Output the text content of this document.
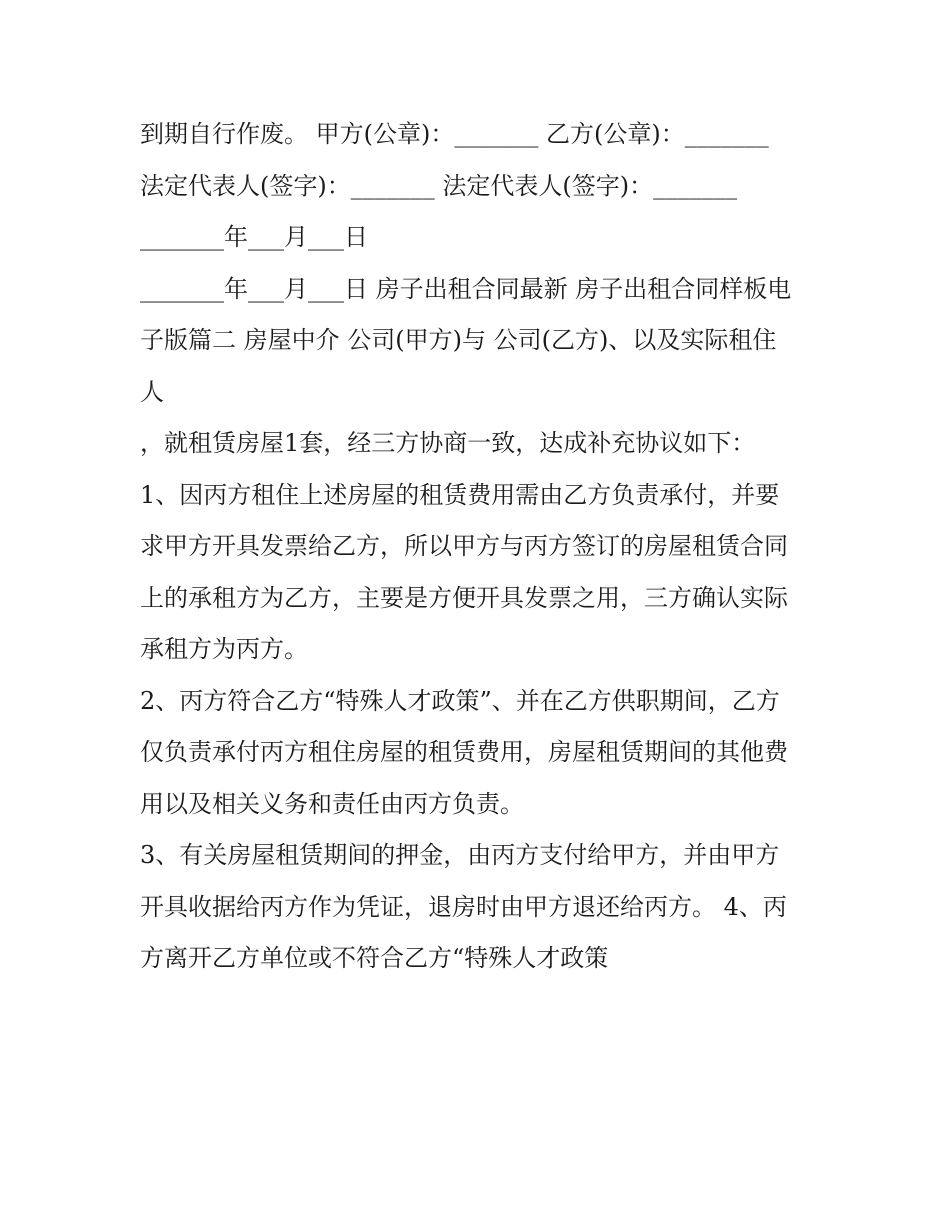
到期自行作废。 甲方(公章)：_______ 乙方(公章)：_______
法定代表人(签字)：_______ 法定代表人(签字)：_______
_______年___月___日
_______年___月___日 房子出租合同最新 房子出租合同样板电
子版篇二 房屋中介 公司(甲方)与 公司(乙方)、以及实际租住
人
，就租赁房屋1套，经三方协商一致，达成补充协议如下：
1、因丙方租住上述房屋的租赁费用需由乙方负责承付，并要
求甲方开具发票给乙方，所以甲方与丙方签订的房屋租赁合同
上的承租方为乙方，主要是方便开具发票之用，三方确认实际
承租方为丙方。
2、丙方符合乙方“特殊人才政策”、并在乙方供职期间，乙方
仅负责承付丙方租住房屋的租赁费用，房屋租赁期间的其他费
用以及相关义务和责任由丙方负责。
3、有关房屋租赁期间的押金，由丙方支付给甲方，并由甲方
开具收据给丙方作为凭证，退房时由甲方退还给丙方。 4、丙
方离开乙方单位或不符合乙方“特殊人才政策
